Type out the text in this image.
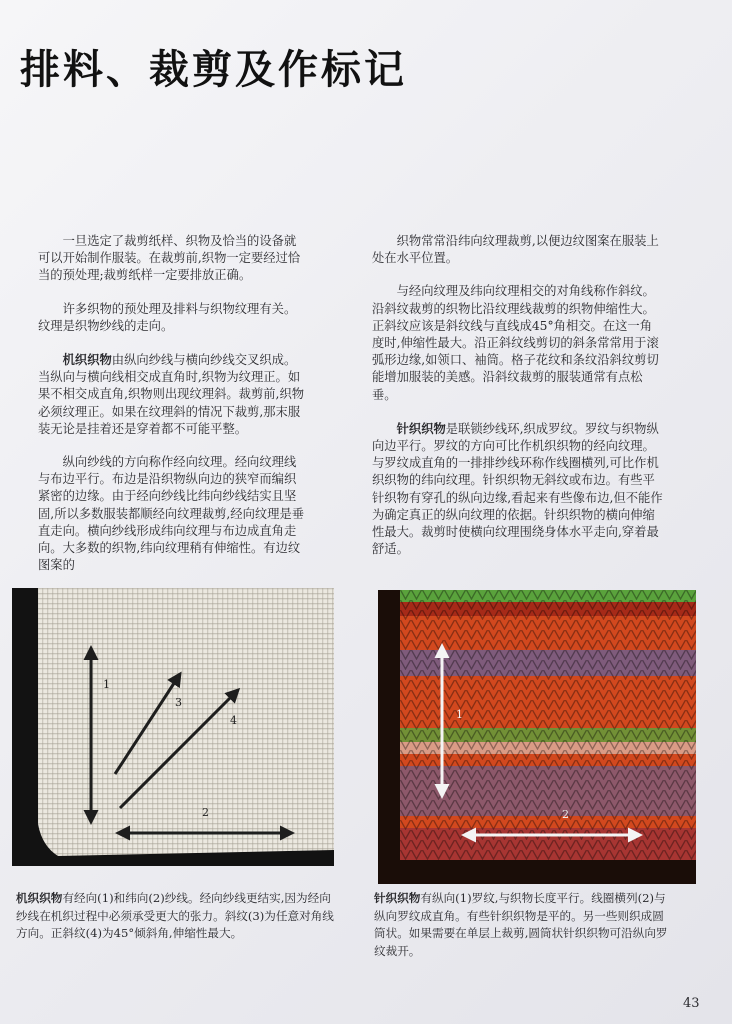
排料、裁剪及作标记

一旦选定了裁剪纸样、织物及恰当的设备就可以开始制作服装。在裁剪前,织物一定要经过恰当的预处理;裁剪纸样一定要排放正确。

许多织物的预处理及排料与织物纹理有关。纹理是织物纱线的走向。

机织织物由纵向纱线与横向纱线交叉织成。当纵向与横向线相交成直角时,织物为纹理正。如果不相交成直角,织物则出现纹理斜。裁剪前,织物必须纹理正。如果在纹理斜的情况下裁剪,那末服装无论是挂着还是穿着都不可能平整。

纵向纱线的方向称作经向纹理。经向纹理线与布边平行。布边是沿织物纵向边的狭窄而编织紧密的边缘。由于经向纱线比纬向纱线结实且坚固,所以多数服装都顺经向纹理裁剪,经向纹理是垂直走向。横向纱线形成纬向纹理与布边成直角走向。大多数的织物,纬向纹理稍有伸缩性。有边纹图案的

织物常常沿纬向纹理裁剪,以便边纹图案在服装上处在水平位置。

与经向纹理及纬向纹理相交的对角线称作斜纹。沿斜纹裁剪的织物比沿纹理线裁剪的织物伸缩性大。正斜纹应该是斜纹线与直线成45°角相交。在这一角度时,伸缩性最大。沿正斜纹线剪切的斜条常常用于滚弧形边缘,如领口、袖筒。格子花纹和条纹沿斜纹剪切能增加服装的美感。沿斜纹裁剪的服装通常有点松垂。

针织织物是联锁纱线环,织成罗纹。罗纹与织物纵向边平行。罗纹的方向可比作机织织物的经向纹理。与罗纹成直角的一排排纱线环称作线圈横列,可比作机织织物的纬向纹理。针织织物无斜纹或布边。有些平针织物有穿孔的纵向边缘,看起来有些像布边,但不能作为确定真正的纵向纹理的依据。针织织物的横向伸缩性最大。裁剪时使横向纹理围绕身体水平走向,穿着最舒适。

1
3
4
2
1
2
机织织物有经向(1)和纬向(2)纱线。经向纱线更结实,因为经向纱线在机织过程中必须承受更大的张力。斜纹(3)为任意对角线方向。正斜纹(4)为45°倾斜角,伸缩性最大。
针织织物有纵向(1)罗纹,与织物长度平行。线圈横列(2)与纵向罗纹成直角。有些针织织物是平的。另一些则织成圆筒状。如果需要在单层上裁剪,圆筒状针织织物可沿纵向罗纹裁开。
43
